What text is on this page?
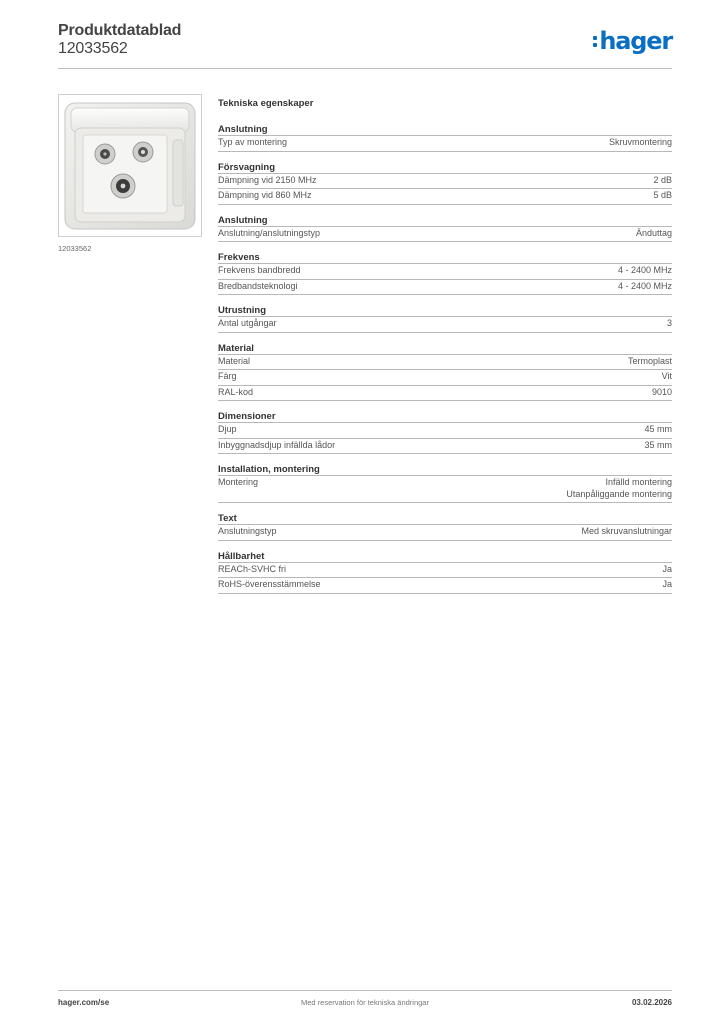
Produktdatablad
12033562	hager
12033562
Tekniska egenskaper
Anslutning
Typ av montering	Skruvmontering
Försvagning
Dämpning vid 2150 MHz	2 dB
Dämpning vid 860 MHz	5 dB
Anslutning
Anslutning/anslutningstyp	Änduttag
Frekvens
Frekvens bandbredd	4 - 2400 MHz
Bredbandsteknologi	4 - 2400 MHz
Utrustning
Antal utgångar	3
Material
Material	Termoplast
Färg	Vit
RAL-kod	9010
Dimensioner
Djup	45 mm
Inbyggnadsdjup infällda lådor	35 mm
Installation, montering
Montering	Infälld montering
Utanpåliggande montering
Text
Anslutningstyp	Med skruvanslutningar
Hållbarhet
REACh-SVHC fri	Ja
RoHS-överensstämmelse	Ja
hager.com/se	Med reservation för tekniska ändringar	03.02.2026
